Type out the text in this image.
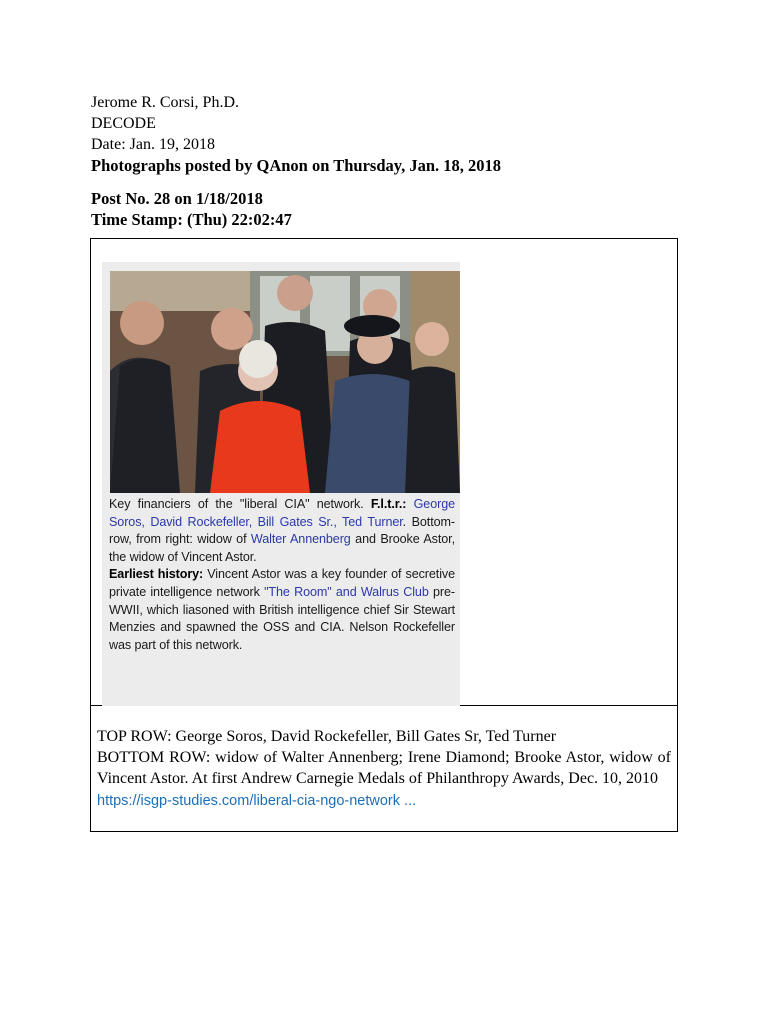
Jerome R. Corsi, Ph.D.
DECODE
Date: Jan. 19, 2018
Photographs posted by QAnon on Thursday, Jan. 18, 2018
Post No. 28 on 1/18/2018
Time Stamp: (Thu) 22:02:47
Key financiers of the "liberal CIA" network. F.l.t.r.: George Soros, David Rockefeller, Bill Gates Sr., Ted Turner. Bottom-row, from right: widow of Walter Annenberg and Brooke Astor, the widow of Vincent Astor.
Earliest history: Vincent Astor was a key founder of secretive private intelligence network "The Room" and Walrus Club pre-WWII, which liasoned with British intelligence chief Sir Stewart Menzies and spawned the OSS and CIA. Nelson Rockefeller was part of this network.
TOP ROW: George Soros, David Rockefeller, Bill Gates Sr, Ted Turner
BOTTOM ROW: widow of Walter Annenberg; Irene Diamond; Brooke Astor, widow of Vincent Astor. At first Andrew Carnegie Medals of Philanthropy Awards, Dec. 10, 2010
https://isgp-studies.com/liberal-cia-ngo-network ...
